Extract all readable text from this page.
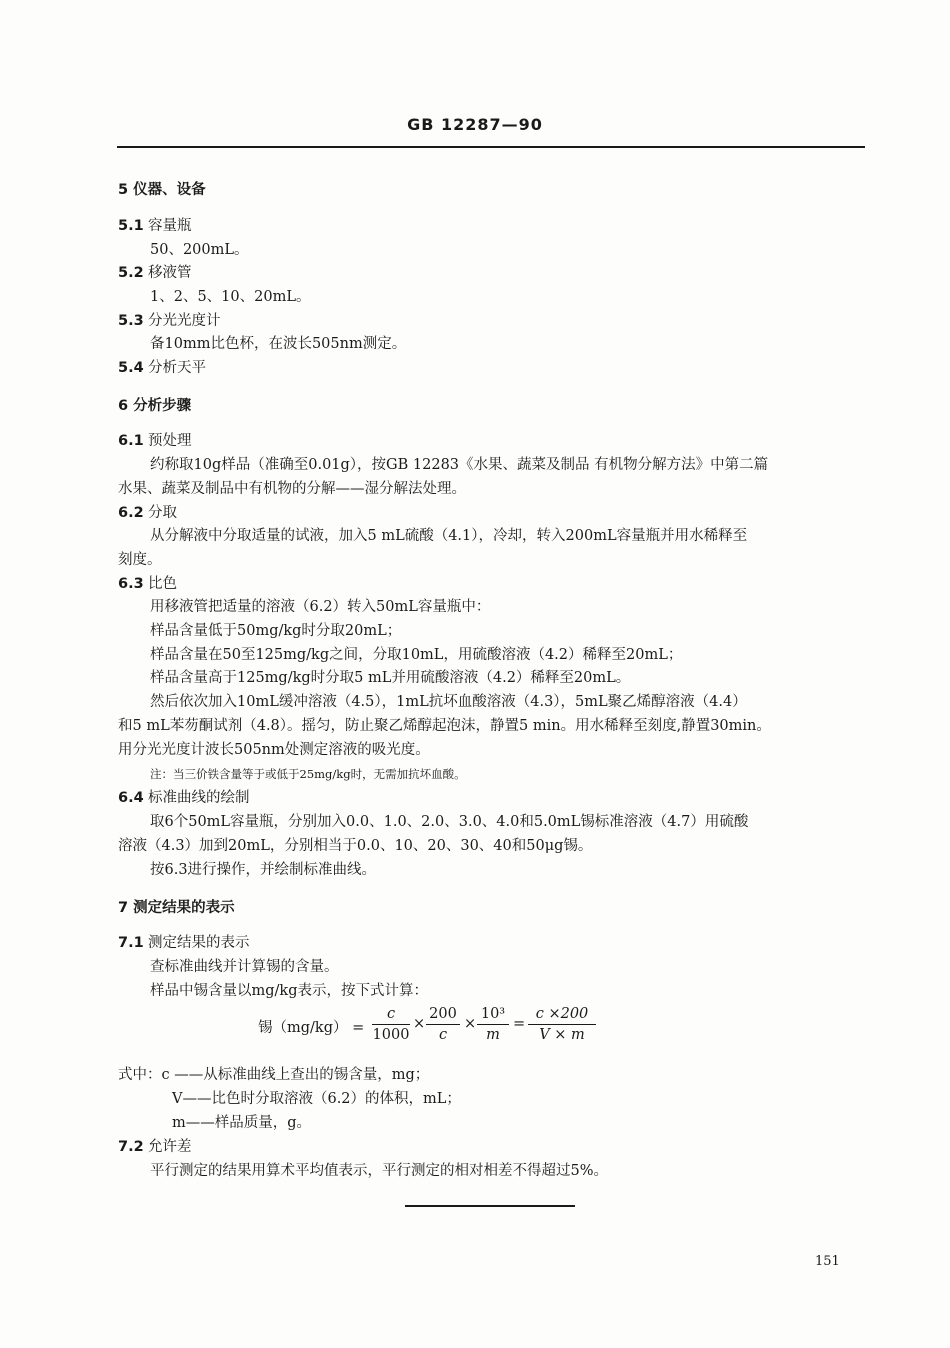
GB 12287—90
5 仪器、设备
5.1 容量瓶
50、200mL。
5.2 移液管
1、2、5、10、20mL。
5.3 分光光度计
备10mm比色杯，在波长505nm测定。
5.4 分析天平
6 分析步骤
6.1 预处理
约称取10g样品（准确至0.01g），按GB 12283《水果、蔬菜及制品 有机物分解方法》中第二篇
水果、蔬菜及制品中有机物的分解——湿分解法处理。
6.2 分取
从分解液中分取适量的试液，加入5 mL硫酸（4.1），冷却，转入200mL容量瓶并用水稀释至
刻度。
6.3 比色
用移液管把适量的溶液（6.2）转入50mL容量瓶中：
样品含量低于50mg/kg时分取20mL；
样品含量在50至125mg/kg之间，分取10mL，用硫酸溶液（4.2）稀释至20mL；
样品含量高于125mg/kg时分取5 mL并用硫酸溶液（4.2）稀释至20mL。
然后依次加入10mL缓冲溶液（4.5），1mL抗坏血酸溶液（4.3），5mL聚乙烯醇溶液（4.4）
和5 mL苯芴酮试剂（4.8）。摇匀，防止聚乙烯醇起泡沫，静置5 min。用水稀释至刻度,静置30min。
用分光光度计波长505nm处测定溶液的吸光度。
注：当三价铁含量等于或低于25mg/kg时，无需加抗坏血酸。
6.4 标准曲线的绘制
取6个50mL容量瓶，分别加入0.0、1.0、2.0、3.0、4.0和5.0mL锡标准溶液（4.7）用硫酸
溶液（4.3）加到20mL，分别相当于0.0、10、20、30、40和50μg锡。
按6.3进行操作，并绘制标准曲线。
7 测定结果的表示
7.1 测定结果的表示
查标准曲线并计算锡的含量。
样品中锡含量以mg/kg表示，按下式计算：
锡$(mg/kg) = \frac{c}{1000} \times \frac{200}{c} \times \frac{\text{10³}}{m} = \frac{c \times 200}{V \times m}$
式中：c ——从标准曲线上查出的锡含量，mg；
V——比色时分取溶液（6.2）的体积，mL；
m——样品质量，g。
7.2 允许差
平行测定的结果用算术平均值表示，平行测定的相对相差不得超过5%。
151
